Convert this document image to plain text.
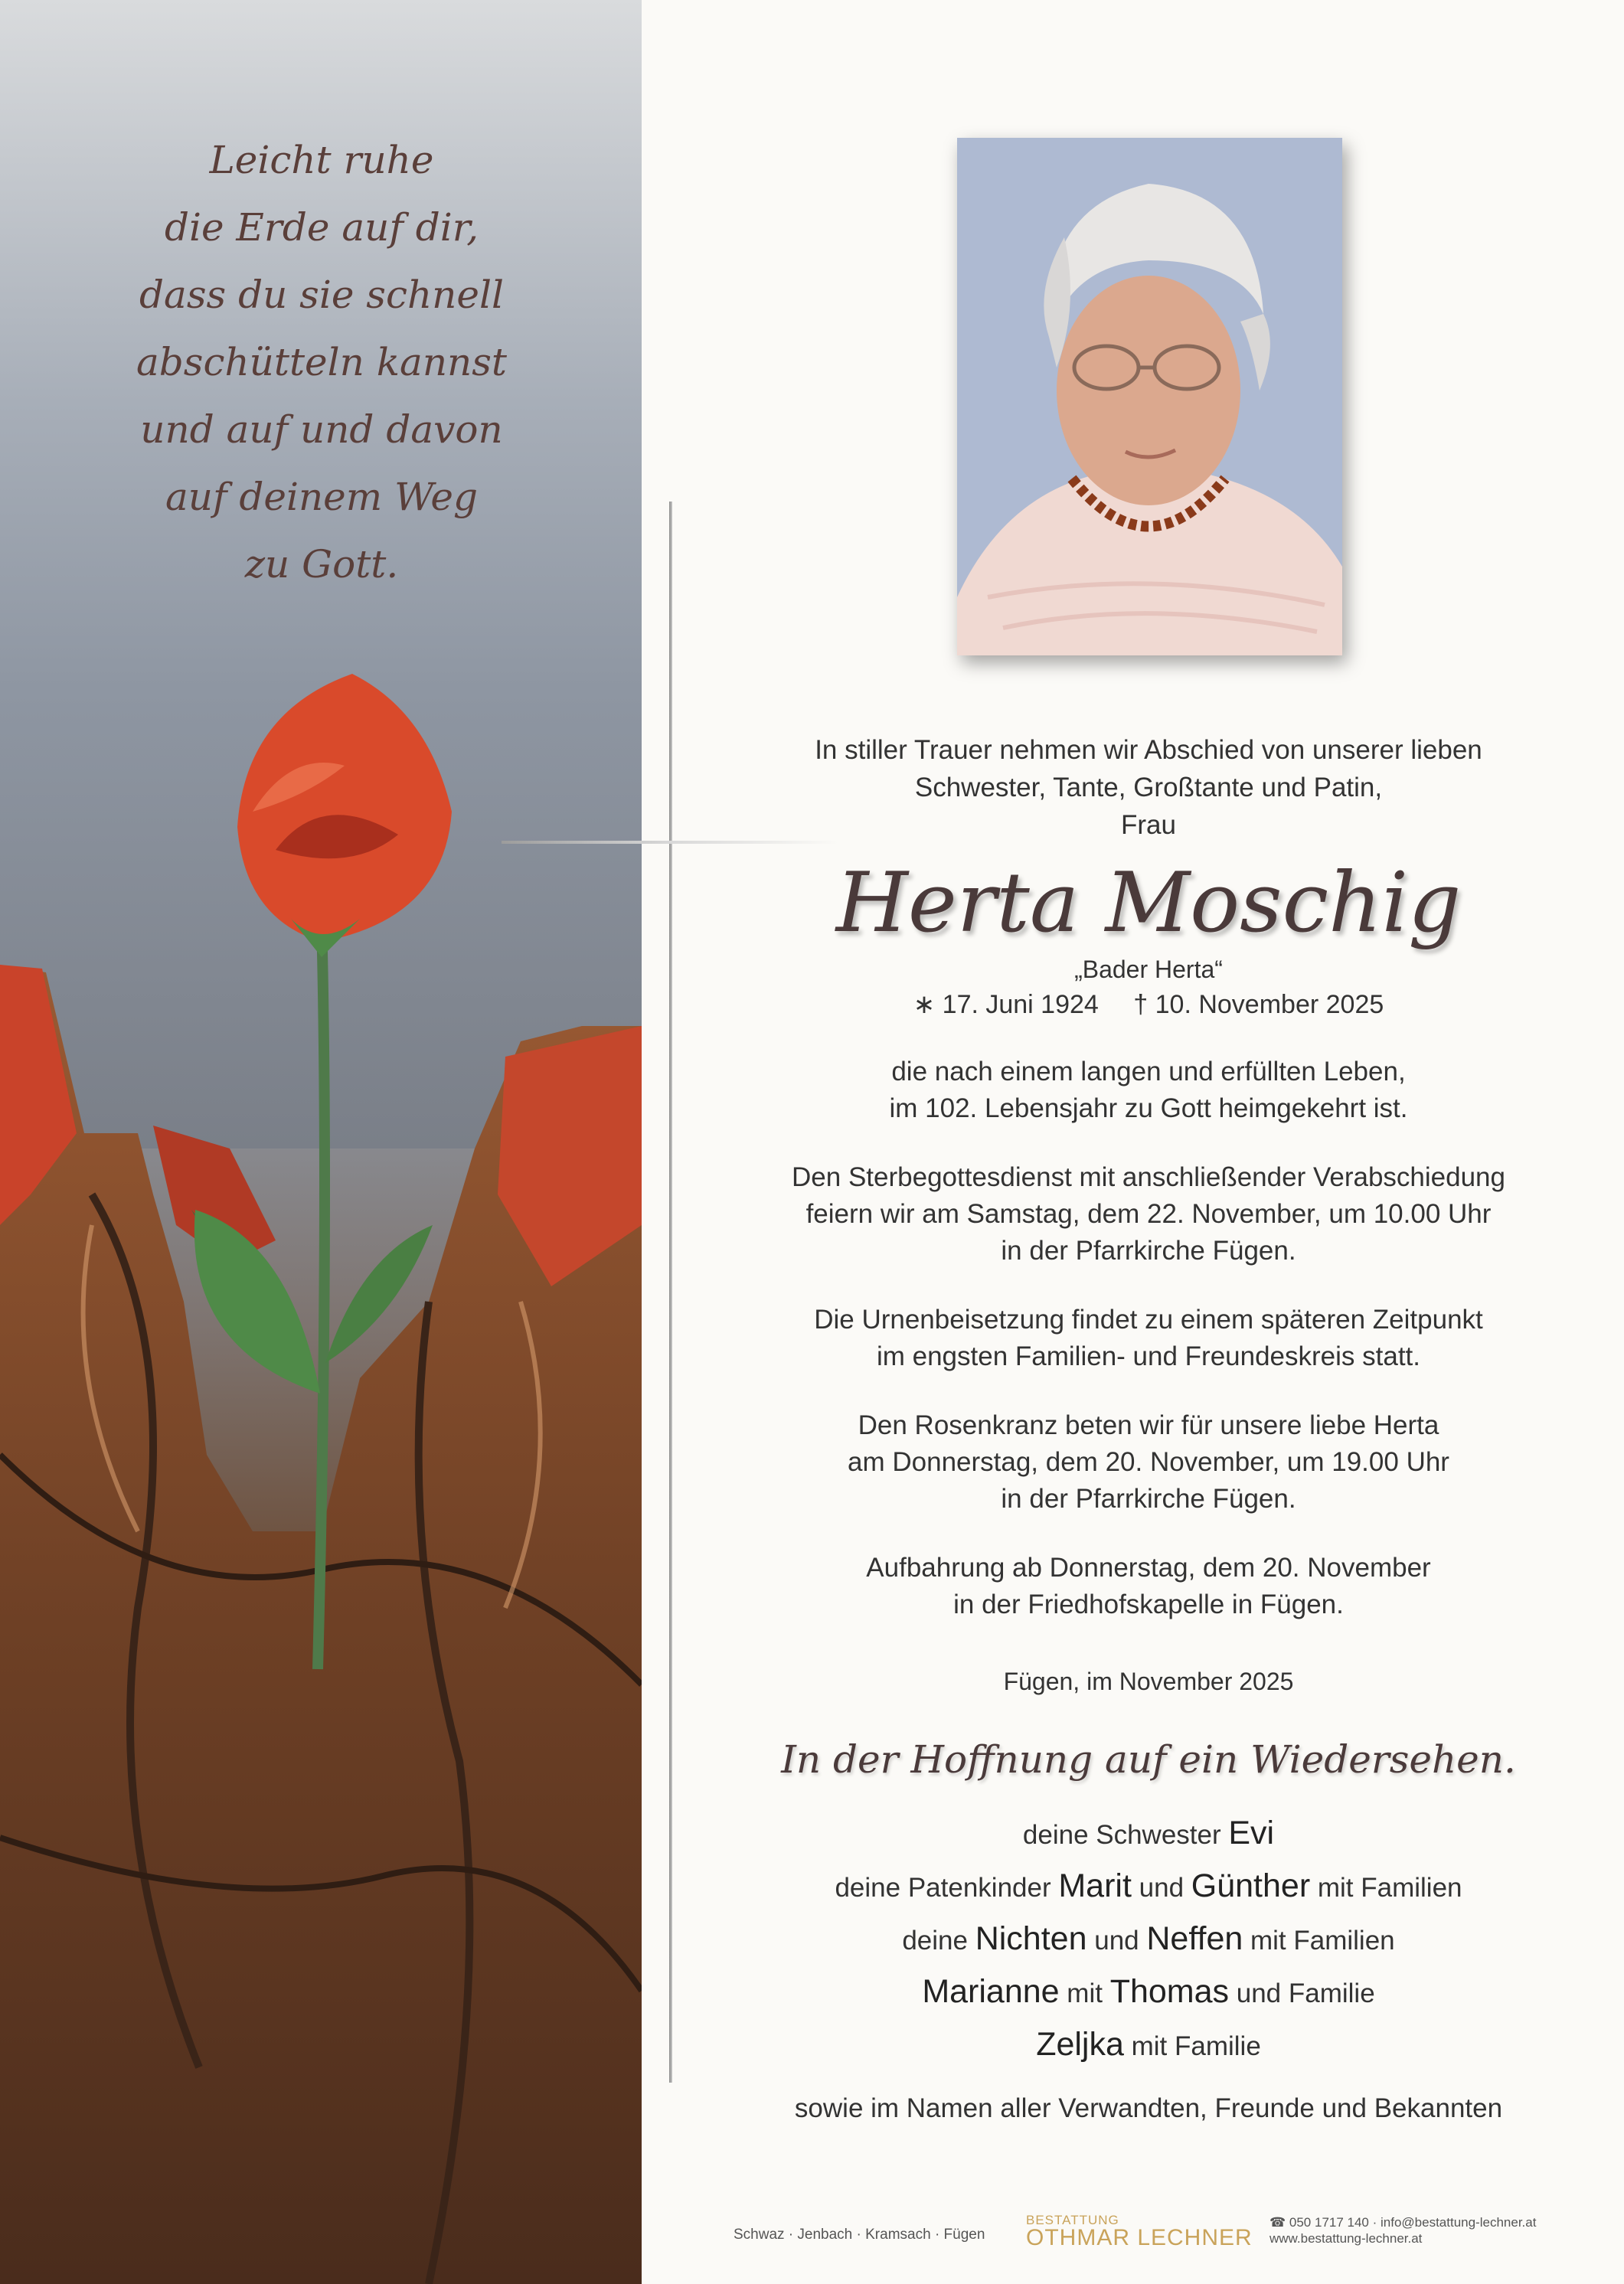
Leicht ruhe
die Erde auf dir,
dass du sie schnell
abschütteln kannst
und auf und davon
auf deinem Weg
zu Gott.
In stiller Trauer nehmen wir Abschied von unserer lieben
Schwester, Tante, Großtante und Patin,
Frau
Herta Moschig
„Bader Herta“
∗ 17. Juni 1924 † 10. November 2025
die nach einem langen und erfüllten Leben,
im 102. Lebensjahr zu Gott heimgekehrt ist.
Den Sterbegottesdienst mit anschließender Verabschiedung
feiern wir am Samstag, dem 22. November, um 10.00 Uhr
in der Pfarrkirche Fügen.
Die Urnenbeisetzung findet zu einem späteren Zeitpunkt
im engsten Familien- und Freundeskreis statt.
Den Rosenkranz beten wir für unsere liebe Herta
am Donnerstag, dem 20. November, um 19.00 Uhr
in der Pfarrkirche Fügen.
Aufbahrung ab Donnerstag, dem 20. November
in der Friedhofskapelle in Fügen.
Fügen, im November 2025
In der Hoffnung auf ein Wiedersehen.
deine Schwester Evi
deine Patenkinder Marit und Günther mit Familien
deine Nichten und Neffen mit Familien
Marianne mit Thomas und Familie
Zeljka mit Familie
sowie im Namen aller Verwandten, Freunde und Bekannten
Schwaz · Jenbach · Kramsach · Fügen
BESTATTUNG
OTHMAR LECHNER
☎ 050 1717 140 · info@bestattung-lechner.at
www.bestattung-lechner.at
